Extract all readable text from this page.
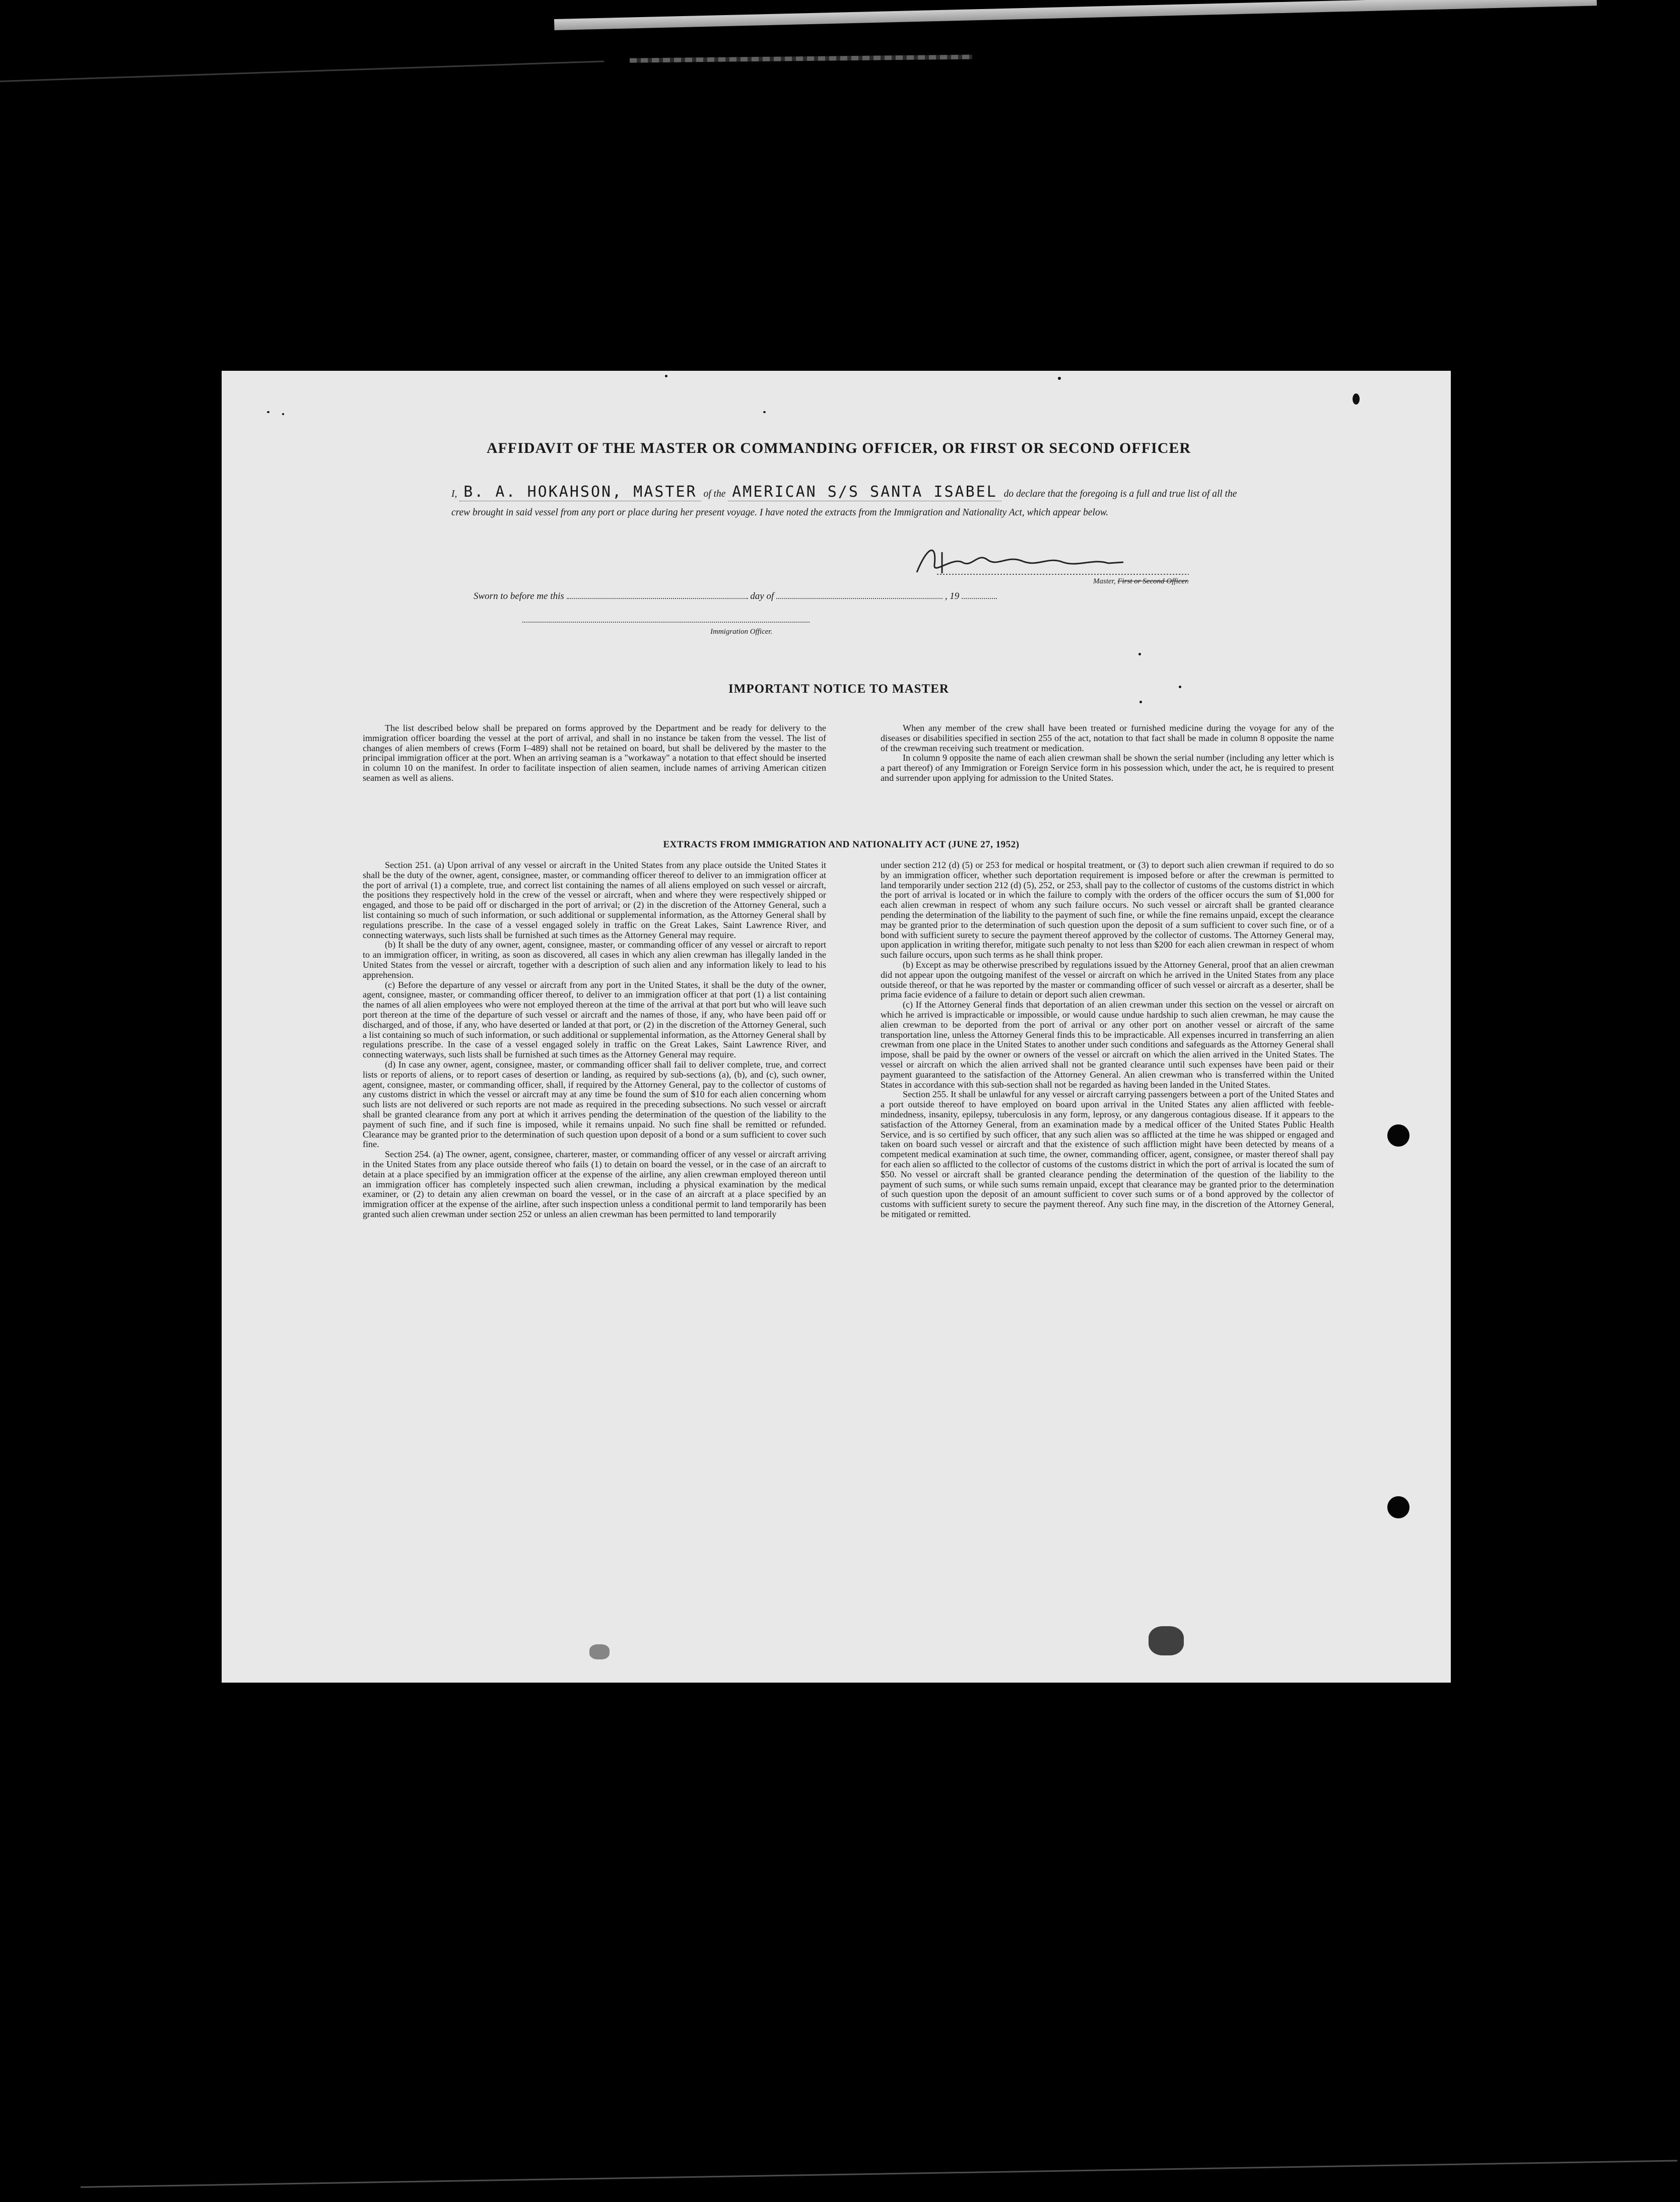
AFFIDAVIT OF THE MASTER OR COMMANDING OFFICER, OR FIRST OR SECOND OFFICER
I, B. A. HOKAHSON, MASTER of the AMERICAN S/S SANTA ISABEL do declare that the foregoing is a full and true list of all the crew brought in said vessel from any port or place during her present voyage. I have noted the extracts from the Immigration and Nationality Act, which appear below.
Master, First or Second Officer.
Sworn to before me this	day of	, 19
Immigration Officer.
IMPORTANT NOTICE TO MASTER

The list described below shall be prepared on forms approved by the Department and be ready for delivery to the immigration officer boarding the vessel at the port of arrival, and shall in no instance be taken from the vessel. The list of changes of alien members of crews (Form I–489) shall not be retained on board, but shall be delivered by the master to the principal immigration officer at the port. When an arriving seaman is a "workaway" a notation to that effect should be inserted in column 10 on the manifest. In order to facilitate inspection of alien seamen, include names of arriving American citizen seamen as well as aliens.

When any member of the crew shall have been treated or furnished medicine during the voyage for any of the diseases or disabilities specified in section 255 of the act, notation to that fact shall be made in column 8 opposite the name of the crewman receiving such treatment or medication.

In column 9 opposite the name of each alien crewman shall be shown the serial number (including any letter which is a part thereof) of any Immigration or Foreign Service form in his possession which, under the act, he is required to present and surrender upon applying for admission to the United States.

EXTRACTS FROM IMMIGRATION AND NATIONALITY ACT (JUNE 27, 1952)

Section 251. (a) Upon arrival of any vessel or aircraft in the United States from any place outside the United States it shall be the duty of the owner, agent, consignee, master, or commanding officer thereof to deliver to an immigration officer at the port of arrival (1) a complete, true, and correct list containing the names of all aliens employed on such vessel or aircraft, the positions they respectively hold in the crew of the vessel or aircraft, when and where they were respectively shipped or engaged, and those to be paid off or discharged in the port of arrival; or (2) in the discretion of the Attorney General, such a list containing so much of such information, or such additional or supplemental information, as the Attorney General shall by regulations prescribe. In the case of a vessel engaged solely in traffic on the Great Lakes, Saint Lawrence River, and connecting waterways, such lists shall be furnished at such times as the Attorney General may require.

(b) It shall be the duty of any owner, agent, consignee, master, or commanding officer of any vessel or aircraft to report to an immigration officer, in writing, as soon as discovered, all cases in which any alien crewman has illegally landed in the United States from the vessel or aircraft, together with a description of such alien and any information likely to lead to his apprehension.

(c) Before the departure of any vessel or aircraft from any port in the United States, it shall be the duty of the owner, agent, consignee, master, or commanding officer thereof, to deliver to an immigration officer at that port (1) a list containing the names of all alien employees who were not employed thereon at the time of the arrival at that port but who will leave such port thereon at the time of the departure of such vessel or aircraft and the names of those, if any, who have been paid off or discharged, and of those, if any, who have deserted or landed at that port, or (2) in the discretion of the Attorney General, such a list containing so much of such information, or such additional or supplemental information, as the Attorney General shall by regulations prescribe. In the case of a vessel engaged solely in traffic on the Great Lakes, Saint Lawrence River, and connecting waterways, such lists shall be furnished at such times as the Attorney General may require.

(d) In case any owner, agent, consignee, master, or commanding officer shall fail to deliver complete, true, and correct lists or reports of aliens, or to report cases of desertion or landing, as required by sub-sections (a), (b), and (c), such owner, agent, consignee, master, or commanding officer, shall, if required by the Attorney General, pay to the collector of customs of any customs district in which the vessel or aircraft may at any time be found the sum of $10 for each alien concerning whom such lists are not delivered or such reports are not made as required in the preceding subsections. No such vessel or aircraft shall be granted clearance from any port at which it arrives pending the determination of the question of the liability to the payment of such fine, and if such fine is imposed, while it remains unpaid. No such fine shall be remitted or refunded. Clearance may be granted prior to the determination of such question upon deposit of a bond or a sum sufficient to cover such fine.

Section 254. (a) The owner, agent, consignee, charterer, master, or commanding officer of any vessel or aircraft arriving in the United States from any place outside thereof who fails (1) to detain on board the vessel, or in the case of an aircraft to detain at a place specified by an immigration officer at the expense of the airline, any alien crewman employed thereon until an immigration officer has completely inspected such alien crewman, including a physical examination by the medical examiner, or (2) to detain any alien crewman on board the vessel, or in the case of an aircraft at a place specified by an immigration officer at the expense of the airline, after such inspection unless a conditional permit to land temporarily has been granted such alien crewman under section 252 or unless an alien crewman has been permitted to land temporarily

under section 212 (d) (5) or 253 for medical or hospital treatment, or (3) to deport such alien crewman if required to do so by an immigration officer, whether such deportation requirement is imposed before or after the crewman is permitted to land temporarily under section 212 (d) (5), 252, or 253, shall pay to the collector of customs of the customs district in which the port of arrival is located or in which the failure to comply with the orders of the officer occurs the sum of $1,000 for each alien crewman in respect of whom any such failure occurs. No such vessel or aircraft shall be granted clearance pending the determination of the liability to the payment of such fine, or while the fine remains unpaid, except the clearance may be granted prior to the determination of such question upon the deposit of a sum sufficient to cover such fine, or of a bond with sufficient surety to secure the payment thereof approved by the collector of customs. The Attorney General may, upon application in writing therefor, mitigate such penalty to not less than $200 for each alien crewman in respect of whom such failure occurs, upon such terms as he shall think proper.

(b) Except as may be otherwise prescribed by regulations issued by the Attorney General, proof that an alien crewman did not appear upon the outgoing manifest of the vessel or aircraft on which he arrived in the United States from any place outside thereof, or that he was reported by the master or commanding officer of such vessel or aircraft as a deserter, shall be prima facie evidence of a failure to detain or deport such alien crewman.

(c) If the Attorney General finds that deportation of an alien crewman under this section on the vessel or aircraft on which he arrived is impracticable or impossible, or would cause undue hardship to such alien crewman, he may cause the alien crewman to be deported from the port of arrival or any other port on another vessel or aircraft of the same transportation line, unless the Attorney General finds this to be impracticable. All expenses incurred in transferring an alien crewman from one place in the United States to another under such conditions and safeguards as the Attorney General shall impose, shall be paid by the owner or owners of the vessel or aircraft on which the alien arrived in the United States. The vessel or aircraft on which the alien arrived shall not be granted clearance until such expenses have been paid or their payment guaranteed to the satisfaction of the Attorney General. An alien crewman who is transferred within the United States in accordance with this sub-section shall not be regarded as having been landed in the United States.

Section 255. It shall be unlawful for any vessel or aircraft carrying passengers between a port of the United States and a port outside thereof to have employed on board upon arrival in the United States any alien afflicted with feeble-mindedness, insanity, epilepsy, tuberculosis in any form, leprosy, or any dangerous contagious disease. If it appears to the satisfaction of the Attorney General, from an examination made by a medical officer of the United States Public Health Service, and is so certified by such officer, that any such alien was so afflicted at the time he was shipped or engaged and taken on board such vessel or aircraft and that the existence of such affliction might have been detected by means of a competent medical examination at such time, the owner, commanding officer, agent, consignee, or master thereof shall pay for each alien so afflicted to the collector of customs of the customs district in which the port of arrival is located the sum of $50. No vessel or aircraft shall be granted clearance pending the determination of the question of the liability to the payment of such sums, or while such sums remain unpaid, except that clearance may be granted prior to the determination of such question upon the deposit of an amount sufficient to cover such sums or of a bond approved by the collector of customs with sufficient surety to secure the payment thereof. Any such fine may, in the discretion of the Attorney General, be mitigated or remitted.
